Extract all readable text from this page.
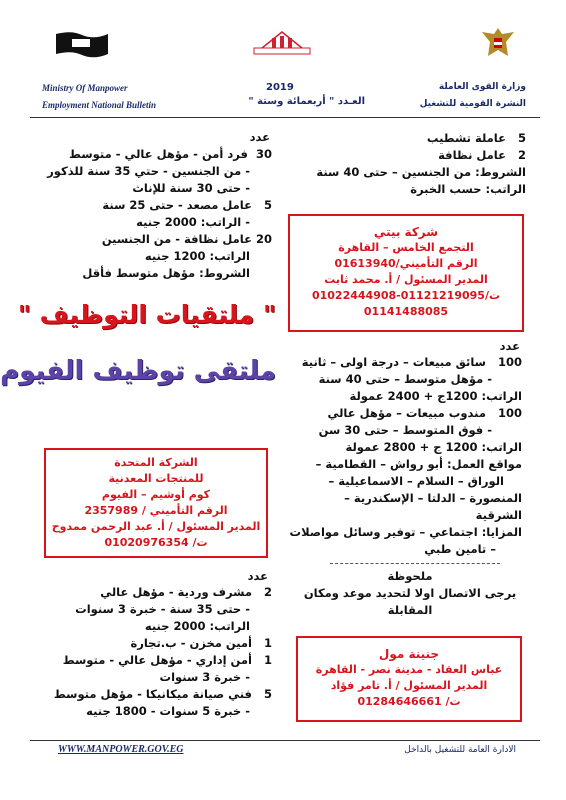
Ministry Of Manpower
Employment National Bulletin
2019
العـدد " أربعمائة وستة "
وزارة القوى العاملة
النشرة القومية للتشغيل
عدد
30  فرد أمن - مؤهل عالي - متوسط
- من الجنسين - حتي 35 سنة للذكور
- حتى 30 سنة للإناث
5   عامل مصعد - حتى 25 سنة
- الراتب: 2000 جنيه
20 عامل نظافة - من الجنسين
الراتب: 1200 جنيه
الشروط: مؤهل متوسط فأقل
" ملتقيات التوظيف "
ملتقى توظيف الفيوم
الشركة المتحدة
للمنتجات المعدنية
كوم أوشيم – الفيوم
الرقم التأميني / 2357989
المدير المسئول / أ. عبد الرحمن ممدوح
ت/ 01020976354
عدد
2   مشرف وردية - مؤهل عالي
- حتى 35 سنة - خبرة 3 سنوات
الراتب: 2000 جنيه
1   أمين مخزن - ب.تجارة
1   أمن إداري - مؤهل عالي - متوسط
- خبرة 3 سنوات
5   فني صيانة ميكانيكا - مؤهل متوسط
- خبرة 5 سنوات - 1800 جنيه
5   عاملة تشطيب
2   عامل نظافة
الشروط: من الجنسين – حتى 40 سنة
الراتب: حسب الخبرة
شركة بيتي
التجمع الخامس – القاهرة
الرقم التأميني/01613940
المدير المسئول / أ. محمد ثابت
ت/01121219095-01022444908
01141488085
عدد
100   سائق مبيعات – درجة اولى – ثانية
- مؤهل متوسط – حتى 40 سنة
الراتب: 1200ج + 2400 عمولة
100   مندوب مبيعات – مؤهل عالي
- فوق المتوسط – حتى 30 سن
الراتب: 1200 ج + 2800 عمولة
مواقع العمل: أبو رواش – القطامية –
الوراق – السلام – الاسماعيلية –
المنصورة – الدلتا – الإسكندرية –
الشرقية
المزايا: اجتماعي – توفير وسائل مواصلات
– تامين طبي
ملحوظة
يرجى الاتصال اولا لتحديد موعد ومكان
المقابلة
جنينة مول
عباس العقاد - مدينة نصر - القاهرة
المدير المسئول / أ. تامر فؤاد
ت/ 01284646661
WWW.MANPOWER.GOV.EG	الادارة العامة للتشغيل بالداخل
